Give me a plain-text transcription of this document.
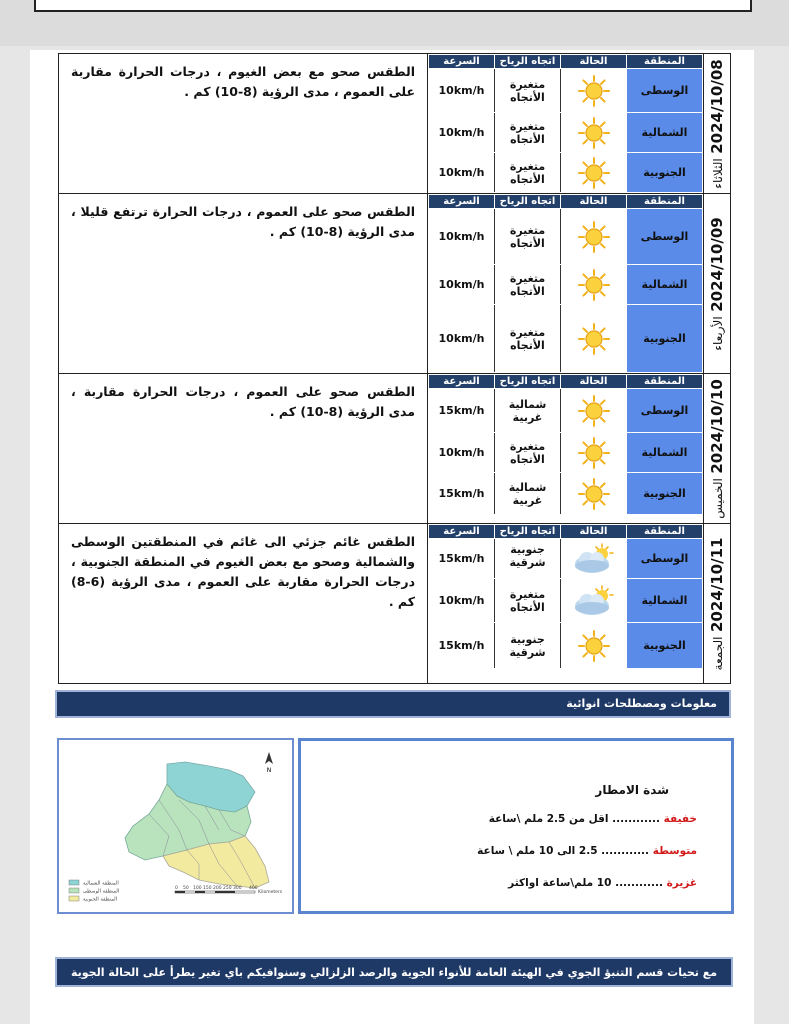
2024/10/08 الثلاثاء

المنطقة	الحالة	اتجاه الرياح	السرعة
الوسطى		متغيرة الأتجاه	10km/h
الشمالية		متغيرة الأتجاه	10km/h
الجنوبية		متغيرة الأتجاه	10km/h

الطقس صحو مع بعض الغيوم ، درجات الحرارة مقاربة على العموم ، مدى الرؤية (8-10) كم .

2024/10/09 الأربعاء

المنطقة	الحالة	اتجاه الرياح	السرعة
الوسطى		متغيرة الأتجاه	10km/h
الشمالية		متغيرة الأتجاه	10km/h
الجنوبية		متغيرة الأتجاه	10km/h

الطقس صحو على العموم ، درجات الحرارة ترتفع قليلا ، مدى الرؤية (8-10) كم .

2024/10/10 الخميس

المنطقة	الحالة	اتجاه الرياح	السرعة
الوسطى		شمالية غربية	15km/h
الشمالية		متغيرة الأتجاه	10km/h
الجنوبية		شمالية غربية	15km/h

الطقس صحو على العموم ، درجات الحرارة مقاربة ، مدى الرؤية (8-10) كم .

2024/10/11 الجمعة

المنطقة	الحالة	اتجاه الرياح	السرعة
الوسطى		جنوبية شرقية	15km/h
الشمالية		متغيرة الأتجاه	10km/h
الجنوبية		جنوبية شرقية	15km/h

الطقس غائم جزئي الى غائم في المنطقتين الوسطى والشمالية وصحو مع بعض الغيوم في المنطقة الجنوبية ، درجات الحرارة مقاربة على العموم ، مدى الرؤية (6-8) كم .
معلومات ومصطلحات انوائية
N
المنطقة الشمالية
المنطقة الوسطى
المنطقة الجنوبية
0 50 100 150 200 250 300 400
Kilometers
شدة الامطار
خفيفة ............ اقل من 2.5 ملم \ساعة
متوسطة ............ 2.5 الى 10 ملم \ ساعة
غزيرة ............ 10 ملم\ساعة اواكثر
مع تحيات قسم التنبؤ الجوي في الهيئة العامة للأنواء الجوية والرصد الزلزالي وسنوافيكم باي تغير يطرأ على الحالة الجوية
